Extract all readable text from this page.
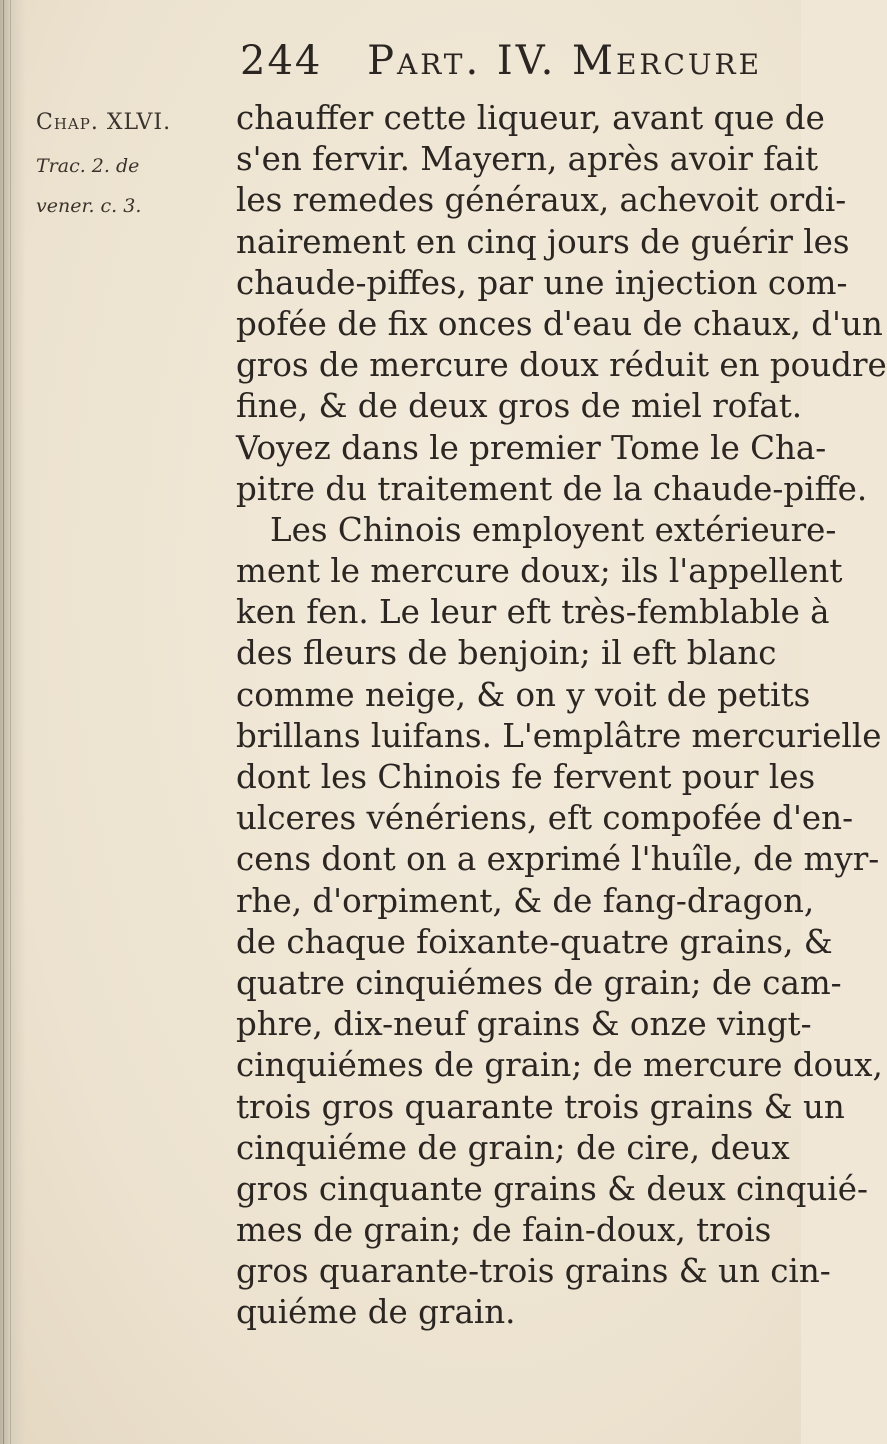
244 Part. IV. Mercure
Chap. XLVI.
Trac. 2. de
vener. c. 3.
chauffer cette liqueur, avant que de
s'en fervir. Mayern, après avoir fait
les remedes généraux, achevoit ordi-
nairement en cinq jours de guérir les
chaude-piffes, par une injection com-
pofée de fix onces d'eau de chaux, d'un
gros de mercure doux réduit en poudre
fine, & de deux gros de miel rofat.
Voyez dans le premier Tome le Cha-
pitre du traitement de la chaude-piffe.
Les Chinois employent extérieure-
ment le mercure doux; ils l'appellent
ken fen. Le leur eft très-femblable à
des fleurs de benjoin; il eft blanc
comme neige, & on y voit de petits
brillans luifans. L'emplâtre mercurielle
dont les Chinois fe fervent pour les
ulceres vénériens, eft compofée d'en-
cens dont on a exprimé l'huîle, de myr-
rhe, d'orpiment, & de fang-dragon,
de chaque foixante-quatre grains, &
quatre cinquiémes de grain; de cam-
phre, dix-neuf grains & onze vingt-
cinquiémes de grain; de mercure doux,
trois gros quarante trois grains & un
cinquiéme de grain; de cire, deux
gros cinquante grains & deux cinquié-
mes de grain; de fain-doux, trois
gros quarante-trois grains & un cin-
quiéme de grain.
